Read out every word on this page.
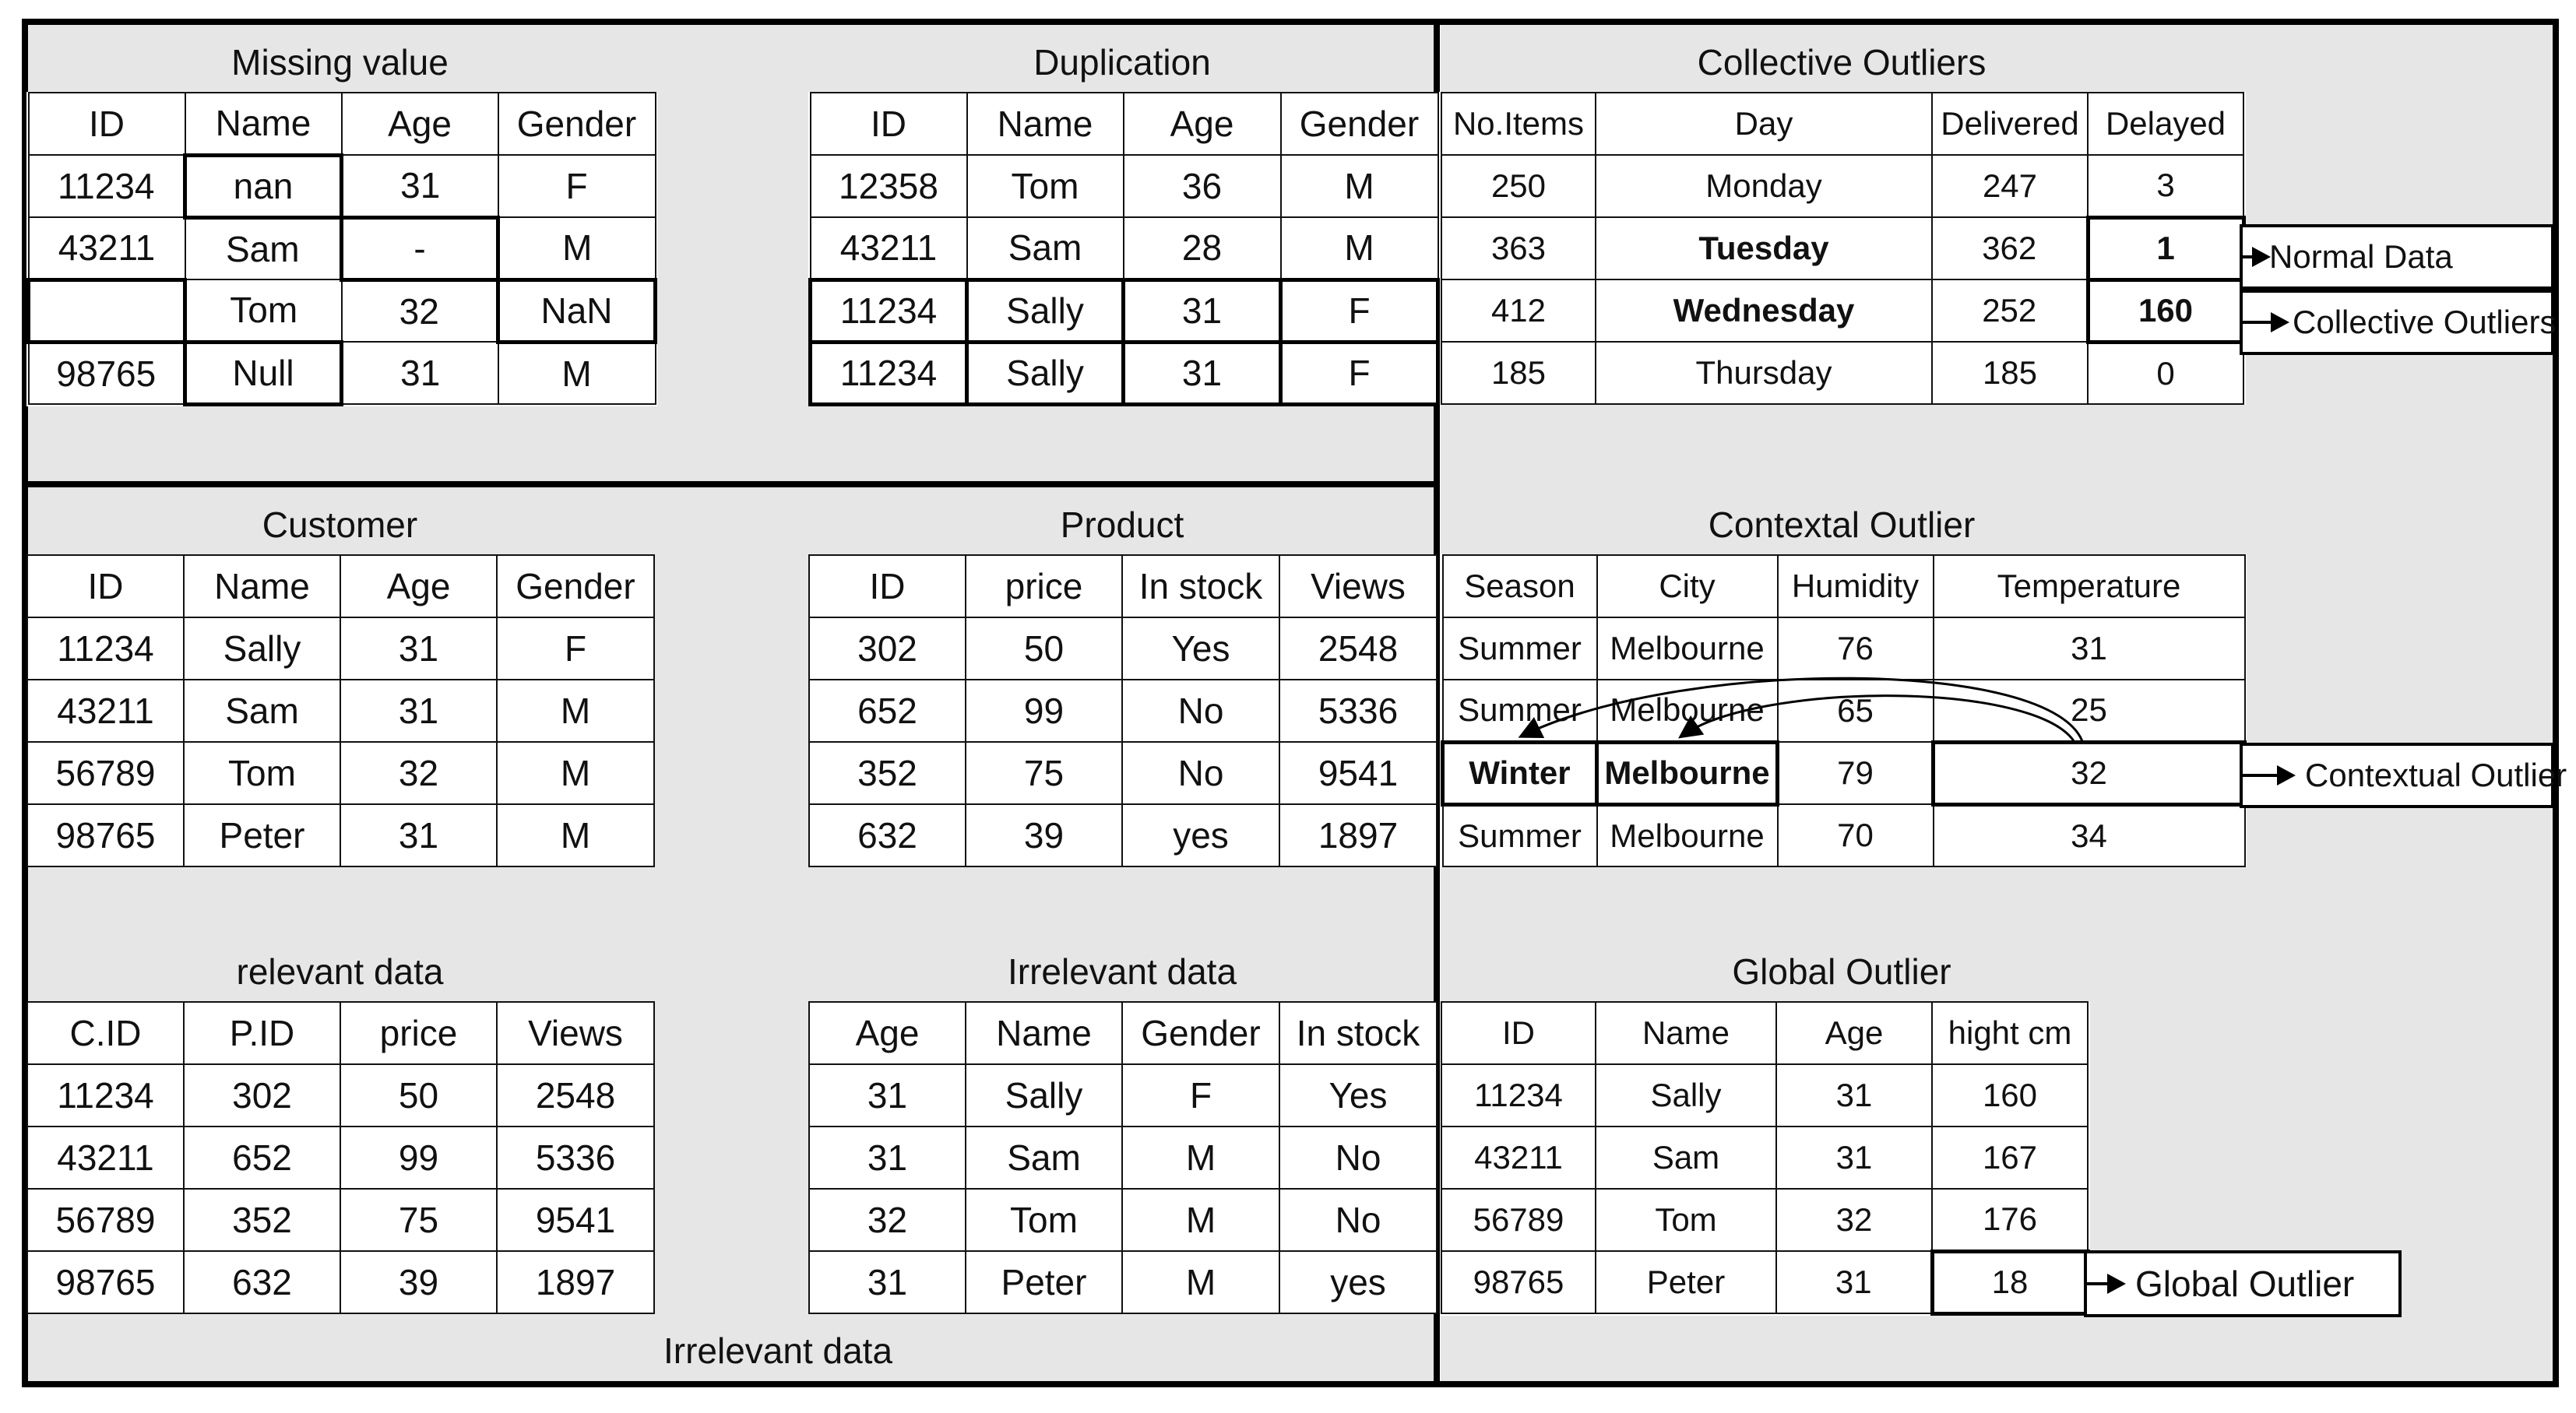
Missing value
ID	Name	Age	Gender
11234	nan	31	F
43211	Sam	-	M
	Tom	32	NaN
98765	Null	31	M
Duplication
ID	Name	Age	Gender
12358	Tom	36	M
43211	Sam	28	M
11234	Sally	31	F
11234	Sally	31	F
Collective Outliers
No.Items	Day	Delivered	Delayed
250	Monday	247	3
363	Tuesday	362	1
412	Wednesday	252	160
185	Thursday	185	0
Normal Data
Collective Outliers
Customer
ID	Name	Age	Gender
11234	Sally	31	F
43211	Sam	31	M
56789	Tom	32	M
98765	Peter	31	M
Product
ID	price	In stock	Views
302	50	Yes	2548
652	99	No	5336
352	75	No	9541
632	39	yes	1897
Contextal Outlier
Season	City	Humidity	Temperature
Summer	Melbourne	76	31
Summer	Melbourne	65	25
Winter	Melbourne	79	32
Summer	Melbourne	70	34
Contextual Outlier
relevant data
C.ID	P.ID	price	Views
11234	302	50	2548
43211	652	99	5336
56789	352	75	9541
98765	632	39	1897
Irrelevant data
Age	Name	Gender	In stock
31	Sally	F	Yes
31	Sam	M	No
32	Tom	M	No
31	Peter	M	yes
Irrelevant data
Global Outlier
ID	Name	Age	hight cm
11234	Sally	31	160
43211	Sam	31	167
56789	Tom	32	176
98765	Peter	31	18	Global Outlier
